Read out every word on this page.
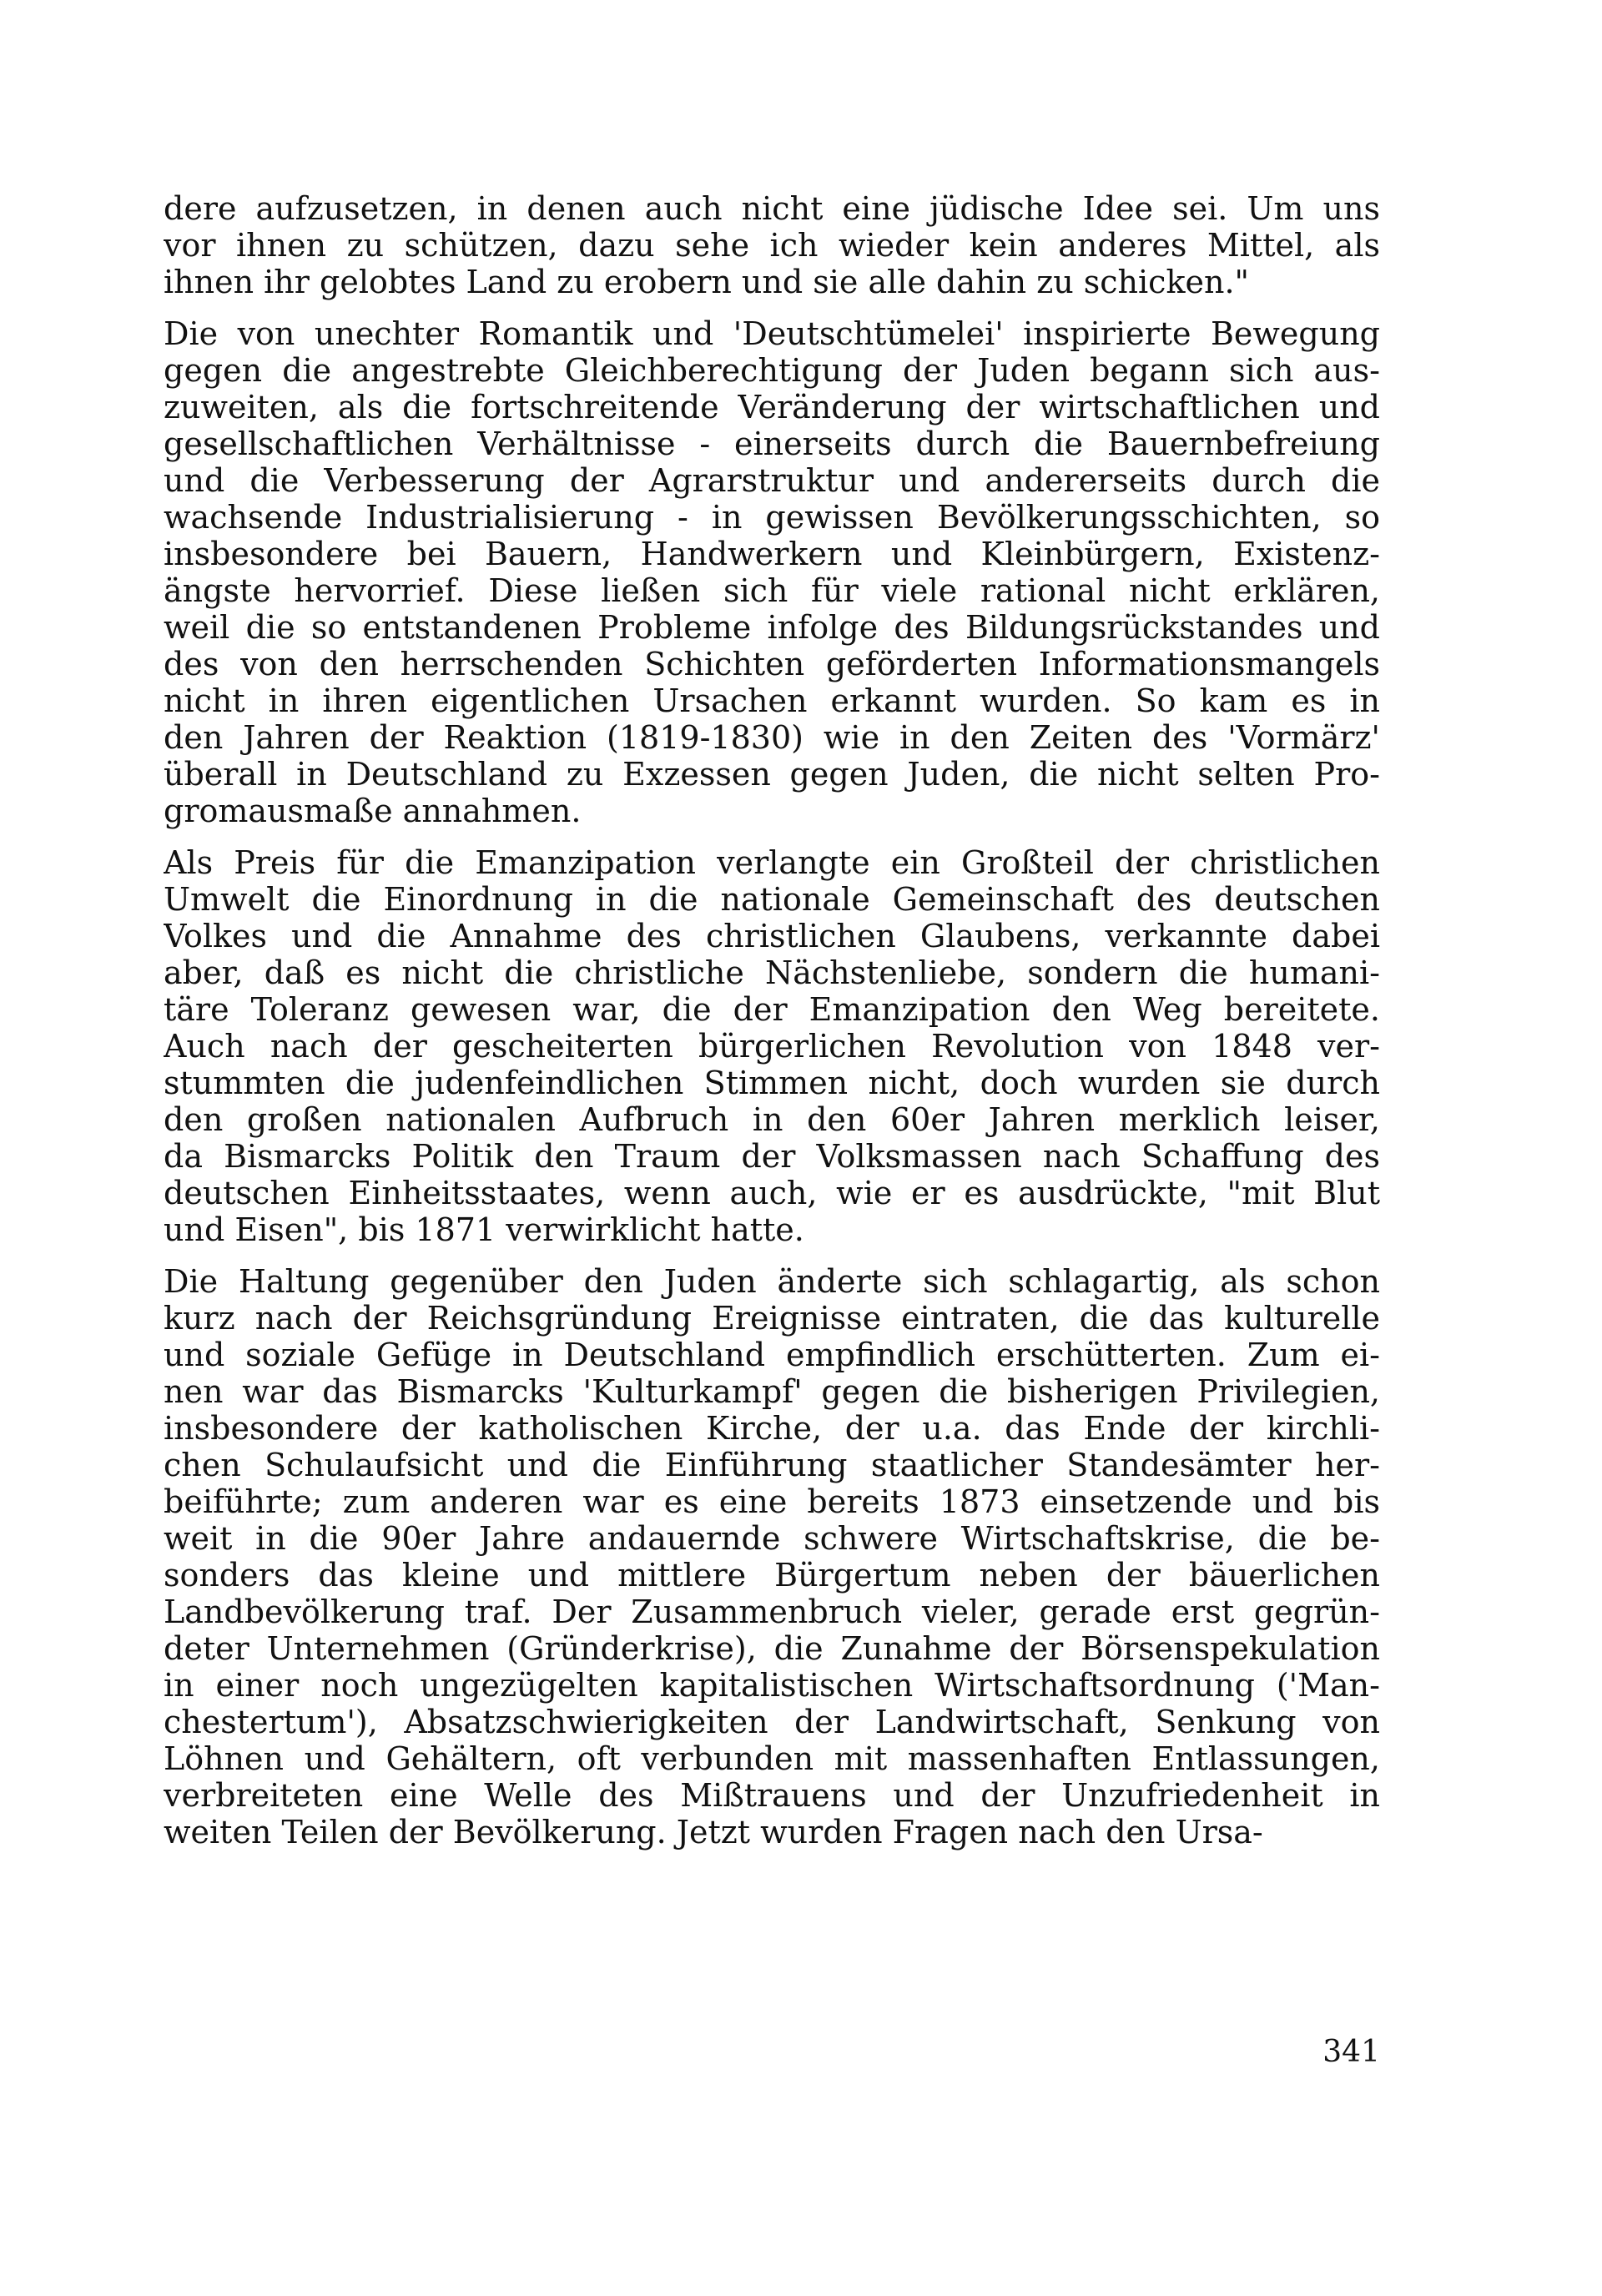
dere aufzusetzen, in denen auch nicht eine jüdische Idee sei. Um uns
vor ihnen zu schützen, dazu sehe ich wieder kein anderes Mittel, als
ihnen ihr gelobtes Land zu erobern und sie alle dahin zu schicken."
Die von unechter Romantik und 'Deutschtümelei' inspirierte Bewegung
gegen die angestrebte Gleichberechtigung der Juden begann sich aus-
zuweiten, als die fortschreitende Veränderung der wirtschaftlichen und
gesellschaftlichen Verhältnisse - einerseits durch die Bauernbefreiung
und die Verbesserung der Agrarstruktur und andererseits durch die
wachsende Industrialisierung - in gewissen Bevölkerungsschichten, so
insbesondere bei Bauern, Handwerkern und Kleinbürgern, Existenz-
ängste hervorrief. Diese ließen sich für viele rational nicht erklären,
weil die so entstandenen Probleme infolge des Bildungsrückstandes und
des von den herrschenden Schichten geförderten Informationsmangels
nicht in ihren eigentlichen Ursachen erkannt wurden. So kam es in
den Jahren der Reaktion (1819-1830) wie in den Zeiten des 'Vormärz'
überall in Deutschland zu Exzessen gegen Juden, die nicht selten Pro-
gromausmaße annahmen.
Als Preis für die Emanzipation verlangte ein Großteil der christlichen
Umwelt die Einordnung in die nationale Gemeinschaft des deutschen
Volkes und die Annahme des christlichen Glaubens, verkannte dabei
aber, daß es nicht die christliche Nächstenliebe, sondern die humani-
täre Toleranz gewesen war, die der Emanzipation den Weg bereitete.
Auch nach der gescheiterten bürgerlichen Revolution von 1848 ver-
stummten die judenfeindlichen Stimmen nicht, doch wurden sie durch
den großen nationalen Aufbruch in den 60er Jahren merklich leiser,
da Bismarcks Politik den Traum der Volksmassen nach Schaffung des
deutschen Einheitsstaates, wenn auch, wie er es ausdrückte, "mit Blut
und Eisen", bis 1871 verwirklicht hatte.
Die Haltung gegenüber den Juden änderte sich schlagartig, als schon
kurz nach der Reichsgründung Ereignisse eintraten, die das kulturelle
und soziale Gefüge in Deutschland empfindlich erschütterten. Zum ei-
nen war das Bismarcks 'Kulturkampf' gegen die bisherigen Privilegien,
insbesondere der katholischen Kirche, der u.a. das Ende der kirchli-
chen Schulaufsicht und die Einführung staatlicher Standesämter her-
beiführte; zum anderen war es eine bereits 1873 einsetzende und bis
weit in die 90er Jahre andauernde schwere Wirtschaftskrise, die be-
sonders das kleine und mittlere Bürgertum neben der bäuerlichen
Landbevölkerung traf. Der Zusammenbruch vieler, gerade erst gegrün-
deter Unternehmen (Gründerkrise), die Zunahme der Börsenspekulation
in einer noch ungezügelten kapitalistischen Wirtschaftsordnung ('Man-
chestertum'), Absatzschwierigkeiten der Landwirtschaft, Senkung von
Löhnen und Gehältern, oft verbunden mit massenhaften Entlassungen,
verbreiteten eine Welle des Mißtrauens und der Unzufriedenheit in
weiten Teilen der Bevölkerung. Jetzt wurden Fragen nach den Ursa-
341
